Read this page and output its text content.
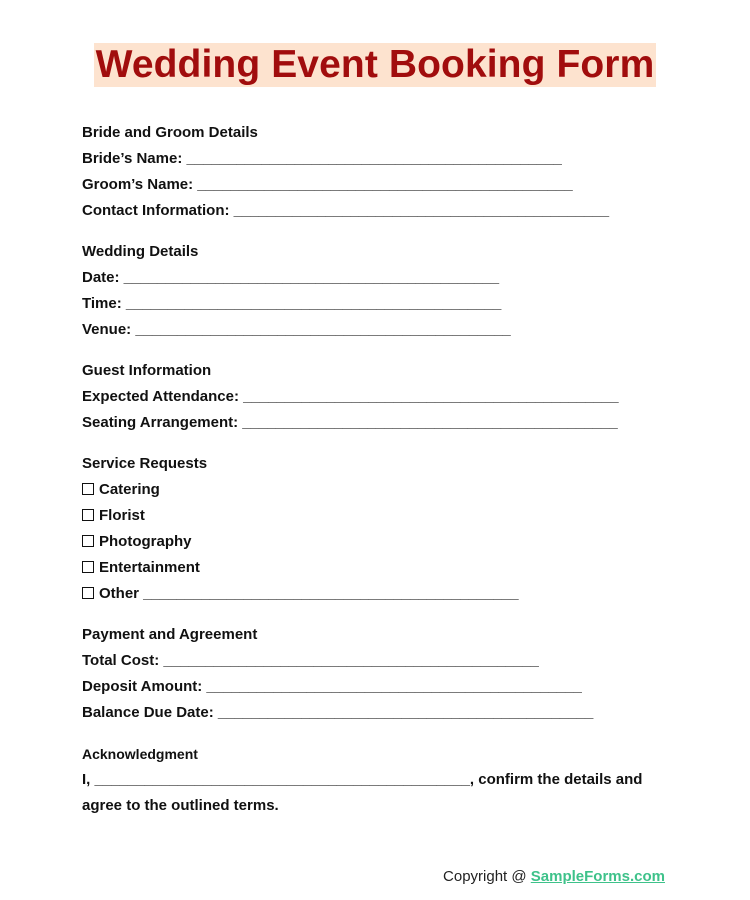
Wedding Event Booking Form
Bride and Groom Details
Bride’s Name: _____________________________________________
Groom’s Name: _____________________________________________
Contact Information: _____________________________________________
Wedding Details
Date: _____________________________________________
Time: _____________________________________________
Venue: _____________________________________________
Guest Information
Expected Attendance: _____________________________________________
Seating Arrangement: _____________________________________________
Service Requests
Catering
Florist
Photography
Entertainment
Other _____________________________________________
Payment and Agreement
Total Cost: _____________________________________________
Deposit Amount: _____________________________________________
Balance Due Date: _____________________________________________
Acknowledgment
I, _____________________________________________, confirm the details and
agree to the outlined terms.
Copyright @ SampleForms.com
